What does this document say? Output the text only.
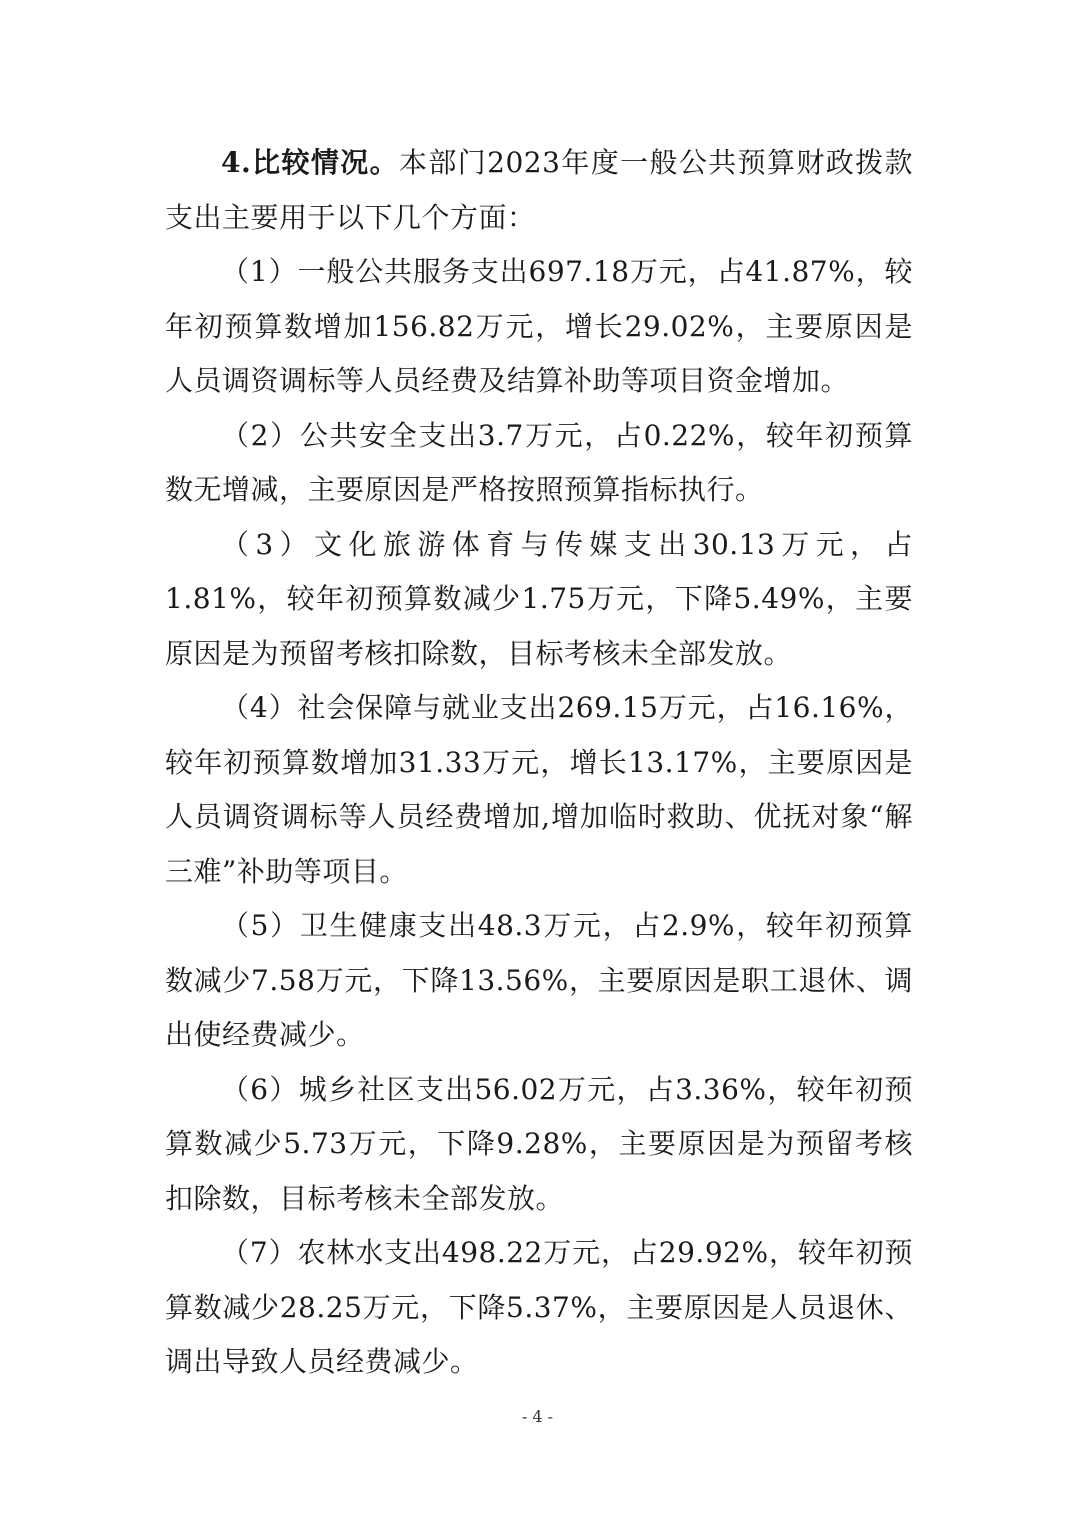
4.比较情况。本部门2023年度一般公共预算财政拨款支出主要用于以下几个方面：

（1）一般公共服务支出697.18万元，占41.87%，较年初预算数增加156.82万元，增长29.02%，主要原因是人员调资调标等人员经费及结算补助等项目资金增加。

（2）公共安全支出3.7万元，占0.22%，较年初预算数无增减，主要原因是严格按照预算指标执行。

（3）文化旅游体育与传媒支出30.13万元，占1.81%，较年初预算数减少1.75万元，下降5.49%，主要原因是为预留考核扣除数，目标考核未全部发放。

（4）社会保障与就业支出269.15万元，占16.16%，较年初预算数增加31.33万元，增长13.17%，主要原因是人员调资调标等人员经费增加,增加临时救助、优抚对象“解三难”补助等项目。

（5）卫生健康支出48.3万元，占2.9%，较年初预算数减少7.58万元，下降13.56%，主要原因是职工退休、调出使经费减少。

（6）城乡社区支出56.02万元，占3.36%，较年初预算数减少5.73万元，下降9.28%，主要原因是为预留考核扣除数，目标考核未全部发放。

（7）农林水支出498.22万元，占29.92%，较年初预算数减少28.25万元，下降5.37%，主要原因是人员退休、调出导致人员经费减少。

- 4 -
